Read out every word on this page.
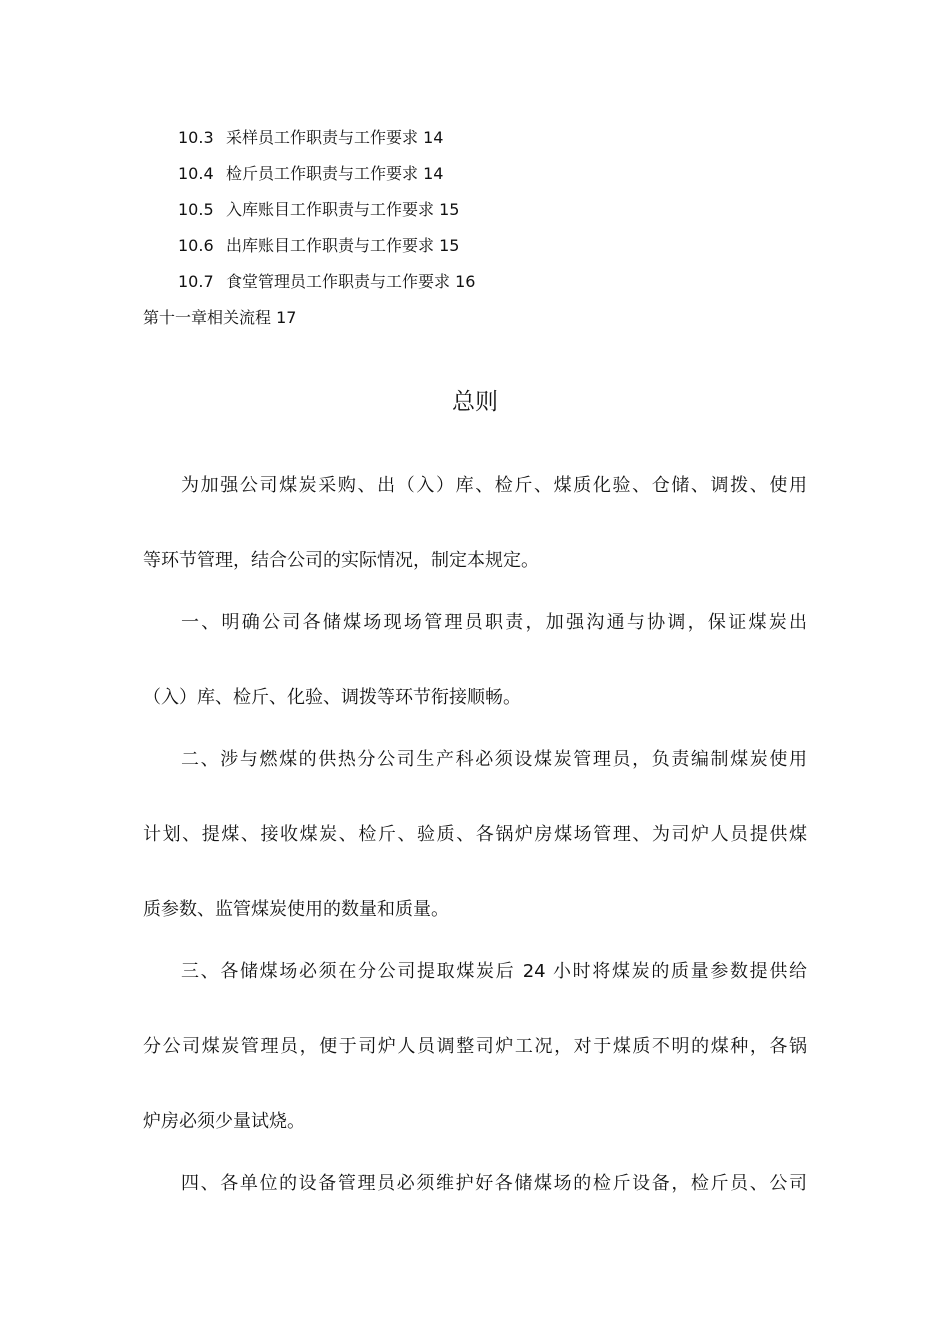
10.3 采样员工作职责与工作要求 14
10.4 检斤员工作职责与工作要求 14
10.5 入库账目工作职责与工作要求 15
10.6 出库账目工作职责与工作要求 15
10.7 食堂管理员工作职责与工作要求 16
第十一章相关流程 17
总则
为加强公司煤炭采购、出（入）库、检斤、煤质化验、仓储、调拨、使用
等环节管理，结合公司的实际情况，制定本规定。
一、明确公司各储煤场现场管理员职责，加强沟通与协调，保证煤炭出
（入）库、检斤、化验、调拨等环节衔接顺畅。
二、涉与燃煤的供热分公司生产科必须设煤炭管理员，负责编制煤炭使用
计划、提煤、接收煤炭、检斤、验质、各锅炉房煤场管理、为司炉人员提供煤
质参数、监管煤炭使用的数量和质量。
三、各储煤场必须在分公司提取煤炭后 24 小时将煤炭的质量参数提供给
分公司煤炭管理员，便于司炉人员调整司炉工况，对于煤质不明的煤种，各锅
炉房必须少量试烧。
四、各单位的设备管理员必须维护好各储煤场的检斤设备，检斤员、公司
